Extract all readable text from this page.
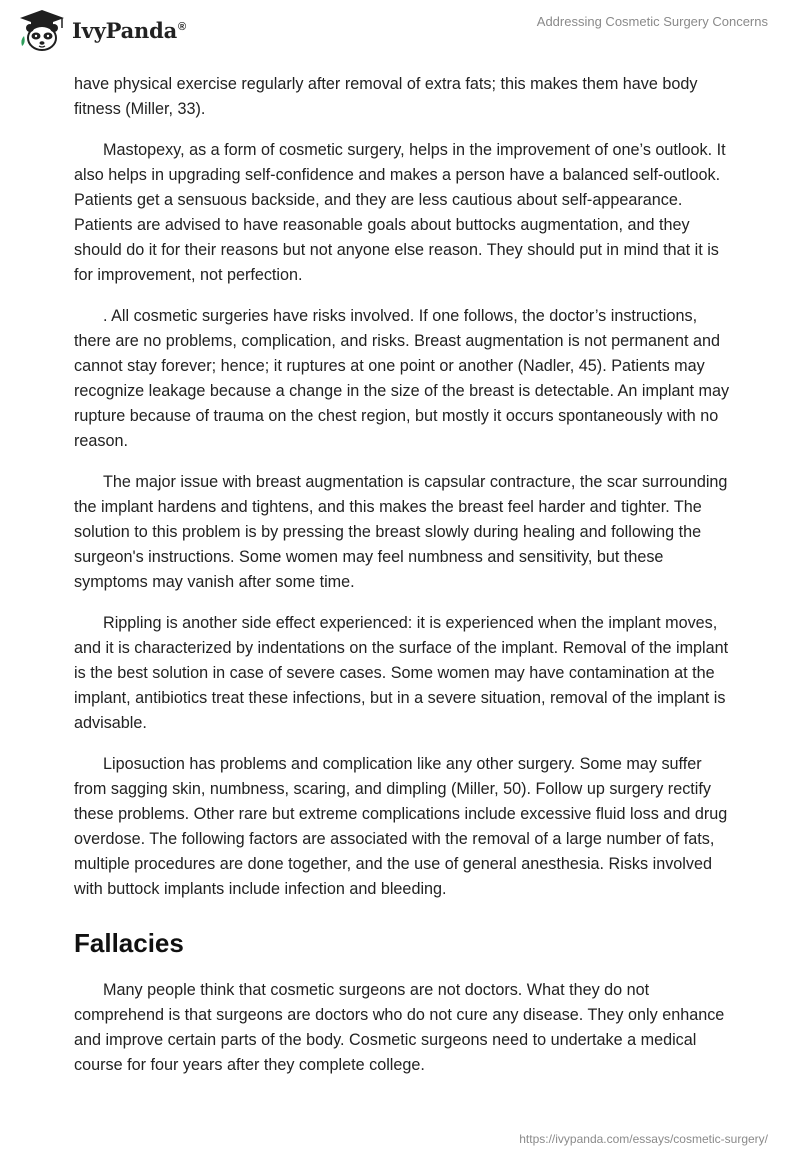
IvyPanda®	Addressing Cosmetic Surgery Concerns

have physical exercise regularly after removal of extra fats; this makes them have body fitness (Miller, 33).

Mastopexy, as a form of cosmetic surgery, helps in the improvement of one’s outlook. It also helps in upgrading self-confidence and makes a person have a balanced self-outlook. Patients get a sensuous backside, and they are less cautious about self-appearance. Patients are advised to have reasonable goals about buttocks augmentation, and they should do it for their reasons but not anyone else reason. They should put in mind that it is for improvement, not perfection.

. All cosmetic surgeries have risks involved. If one follows, the doctor’s instructions, there are no problems, complication, and risks. Breast augmentation is not permanent and cannot stay forever; hence; it ruptures at one point or another (Nadler, 45). Patients may recognize leakage because a change in the size of the breast is detectable. An implant may rupture because of trauma on the chest region, but mostly it occurs spontaneously with no reason.

The major issue with breast augmentation is capsular contracture, the scar surrounding the implant hardens and tightens, and this makes the breast feel harder and tighter. The solution to this problem is by pressing the breast slowly during healing and following the surgeon's instructions. Some women may feel numbness and sensitivity, but these symptoms may vanish after some time.

Rippling is another side effect experienced: it is experienced when the implant moves, and it is characterized by indentations on the surface of the implant. Removal of the implant is the best solution in case of severe cases. Some women may have contamination at the implant, antibiotics treat these infections, but in a severe situation, removal of the implant is advisable.

Liposuction has problems and complication like any other surgery. Some may suffer from sagging skin, numbness, scaring, and dimpling (Miller, 50). Follow up surgery rectify these problems. Other rare but extreme complications include excessive fluid loss and drug overdose. The following factors are associated with the removal of a large number of fats, multiple procedures are done together, and the use of general anesthesia. Risks involved with buttock implants include infection and bleeding.

Fallacies

Many people think that cosmetic surgeons are not doctors. What they do not comprehend is that surgeons are doctors who do not cure any disease. They only enhance and improve certain parts of the body. Cosmetic surgeons need to undertake a medical course for four years after they complete college.

https://ivypanda.com/essays/cosmetic-surgery/
